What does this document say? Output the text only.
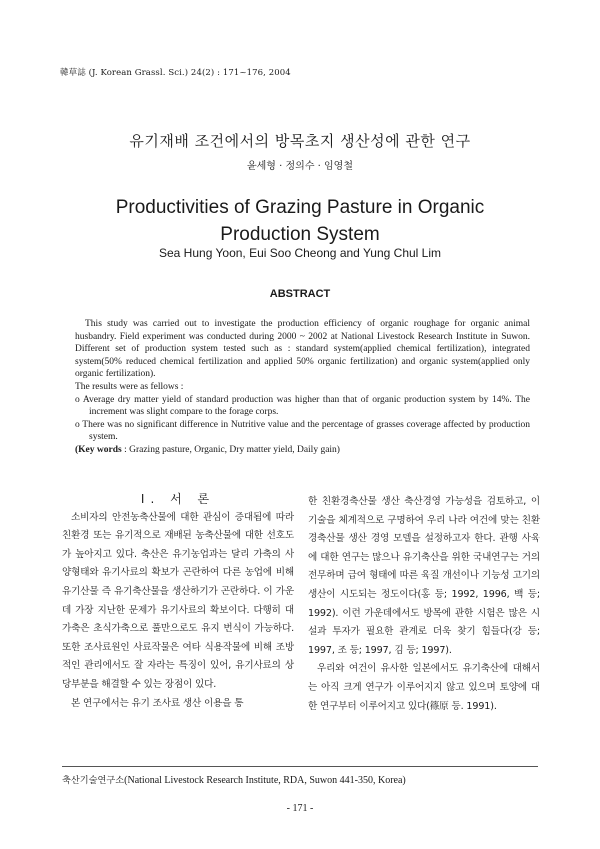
韓草誌 (J. Korean Grassl. Sci.) 24(2) : 171~176, 2004
유기재배 조건에서의 방목초지 생산성에 관한 연구
윤세형 · 정의수 · 임영철
Productivities of Grazing Pasture in Organic
Production System
Sea Hung Yoon, Eui Soo Cheong and Yung Chul Lim
ABSTRACT

This study was carried out to investigate the production efficiency of organic roughage for organic animal husbandry. Field experiment was conducted during 2000 ~ 2002 at National Livestock Research Institute in Suwon. Different set of production system tested such as : standard system(applied chemical fertilization), integrated system(50% reduced chemical fertilization and applied 50% organic fertilization) and organic system(applied only organic fertilization).

The results were as fellows :

o Average dry matter yield of standard production was higher than that of organic production system by 14%. The increment was slight compare to the forage corps.

o There was no significant difference in Nutritive value and the percentage of grasses coverage affected by production system.

(Key words : Grazing pasture, Organic, Dry matter yield, Daily gain)

I. 서 론

소비자의 안전농축산물에 대한 관심이 증대됨에 따라 친환경 또는 유기적으로 재배된 농축산물에 대한 선호도가 높아지고 있다. 축산은 유기농업과는 달리 가축의 사양형태와 유기사료의 확보가 곤란하여 다른 농업에 비해 유기산물 즉 유기축산물을 생산하기가 곤란하다. 이 가운데 가장 지난한 문제가 유기사료의 확보이다. 다행히 대가축은 초식가축으로 풀만으로도 유지 번식이 가능하다. 또한 조사료원인 사료작물은 여타 식용작물에 비해 조방적인 관리에서도 잘 자라는 특징이 있어, 유기사료의 상당부분을 해결할 수 있는 장점이 있다.

본 연구에서는 유기 조사료 생산 이용을 통

한 친환경축산물 생산 축산경영 가능성을 검토하고, 이 기술을 체계적으로 구명하여 우리 나라 여건에 맞는 친환경축산물 생산 경영 모델을 설정하고자 한다. 관행 사육에 대한 연구는 많으나 유기축산을 위한 국내연구는 거의 전무하며 급여 형태에 따른 육질 개선이나 기능성 고기의 생산이 시도되는 정도이다(홍 등; 1992, 1996, 백 등; 1992). 이런 가운데에서도 방목에 관한 시험은 많은 시설과 투자가 필요한 관계로 더욱 찾기 힘들다(강 등; 1997, 조 등; 1997, 김 등; 1997).

우리와 여건이 유사한 일본에서도 유기축산에 대해서는 아직 크게 연구가 이루어지지 않고 있으며 토양에 대한 연구부터 이루어지고 있다(篠原 등. 1991).

축산기술연구소(National Livestock Research Institute, RDA, Suwon 441-350, Korea)
- 171 -
